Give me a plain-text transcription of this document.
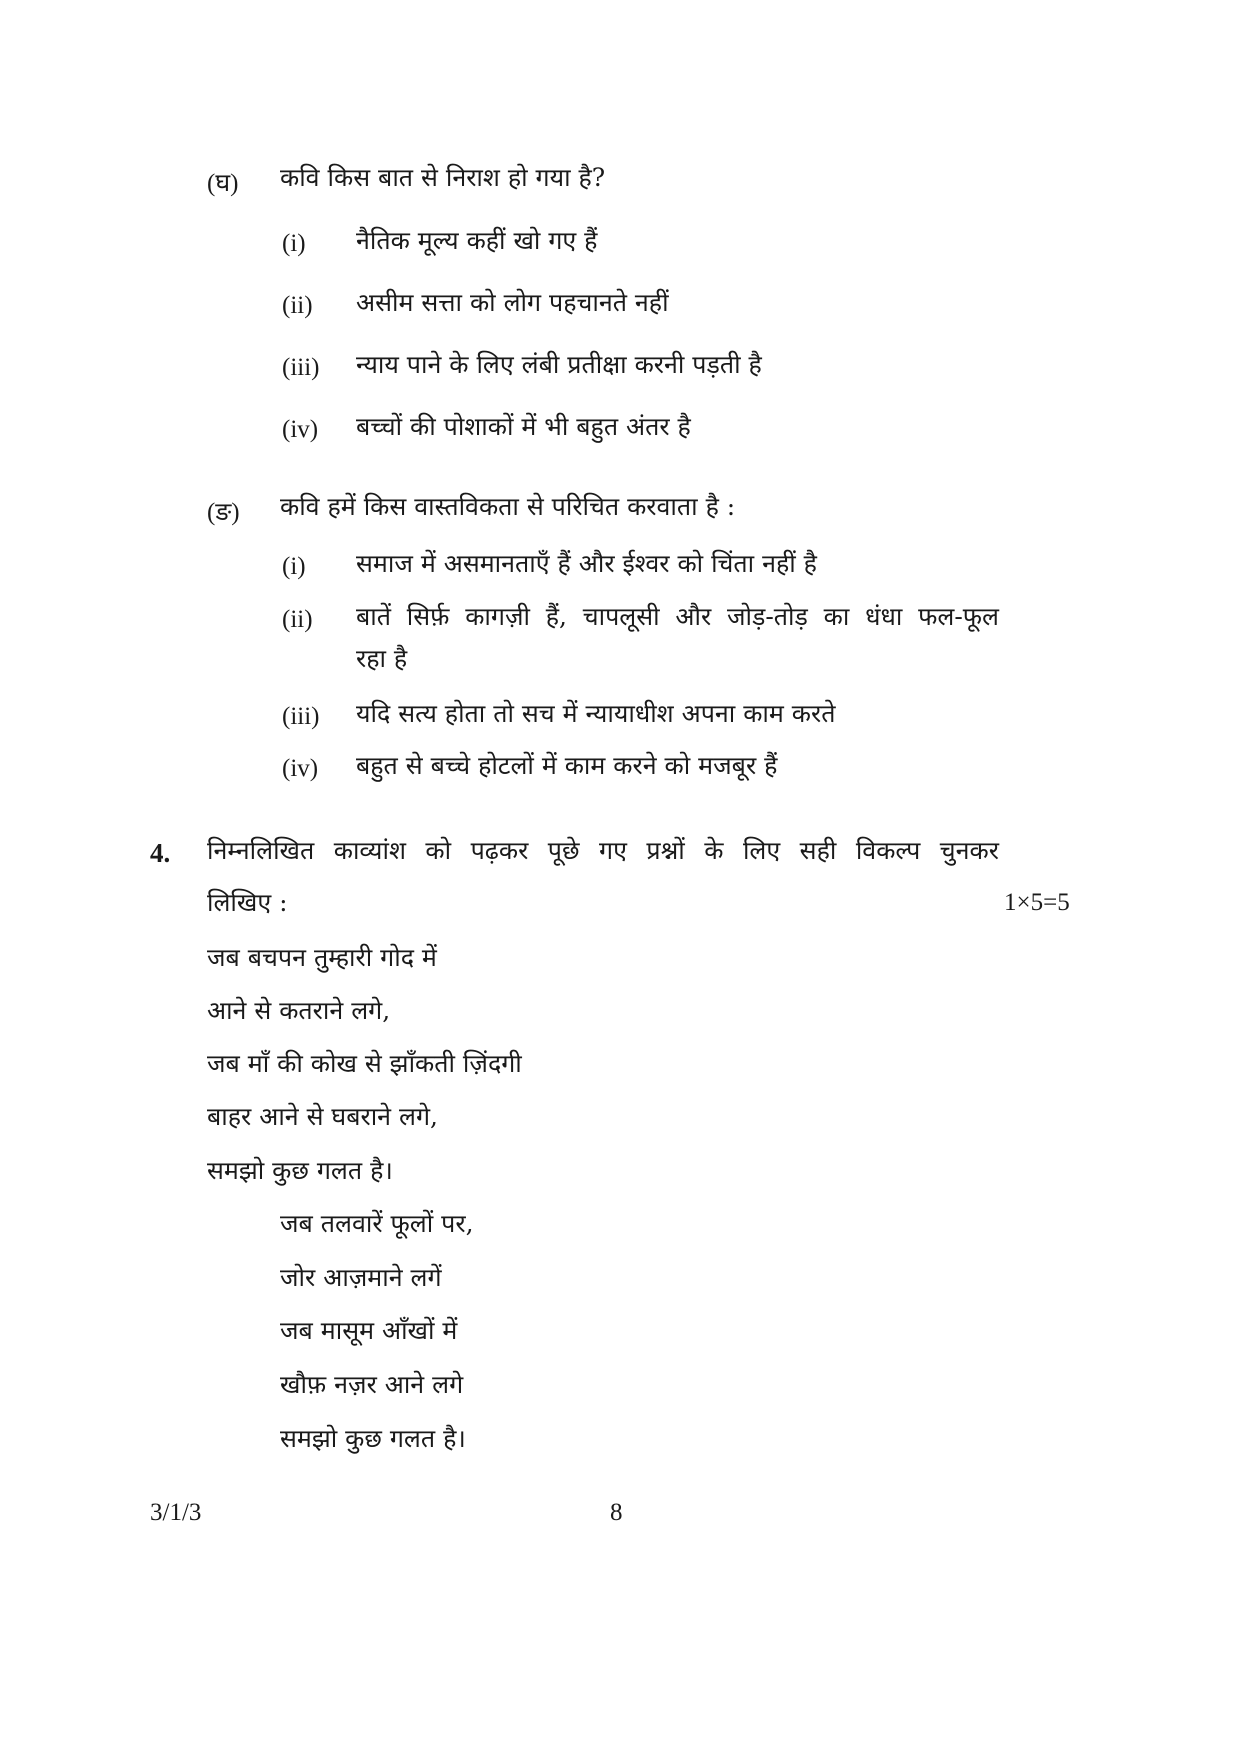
(घ) कवि किस बात से निराश हो गया है?
(i) नैतिक मूल्य कहीं खो गए हैं
(ii) असीम सत्ता को लोग पहचानते नहीं
(iii) न्याय पाने के लिए लंबी प्रतीक्षा करनी पड़ती है
(iv) बच्चों की पोशाकों में भी बहुत अंतर है
(ङ) कवि हमें किस वास्तविकता से परिचित करवाता है :
(i) समाज में असमानताएँ हैं और ईश्वर को चिंता नहीं है
(ii) बातें सिर्फ़ कागज़ी हैं, चापलूसी और जोड़-तोड़ का धंधा फल-फूल
रहा है
(iii) यदि सत्य होता तो सच में न्यायाधीश अपना काम करते
(iv) बहुत से बच्चे होटलों में काम करने को मजबूर हैं
4. निम्नलिखित काव्यांश को पढ़कर पूछे गए प्रश्नों के लिए सही विकल्प चुनकर
लिखिए :	1×5=5
जब बचपन तुम्हारी गोद में
आने से कतराने लगे,
जब माँ की कोख से झाँकती ज़िंदगी
बाहर आने से घबराने लगे,
समझो कुछ गलत है।
जब तलवारें फूलों पर,
जोर आज़माने लगें
जब मासूम आँखों में
खौफ़ नज़र आने लगे
समझो कुछ गलत है।
3/1/3	8
